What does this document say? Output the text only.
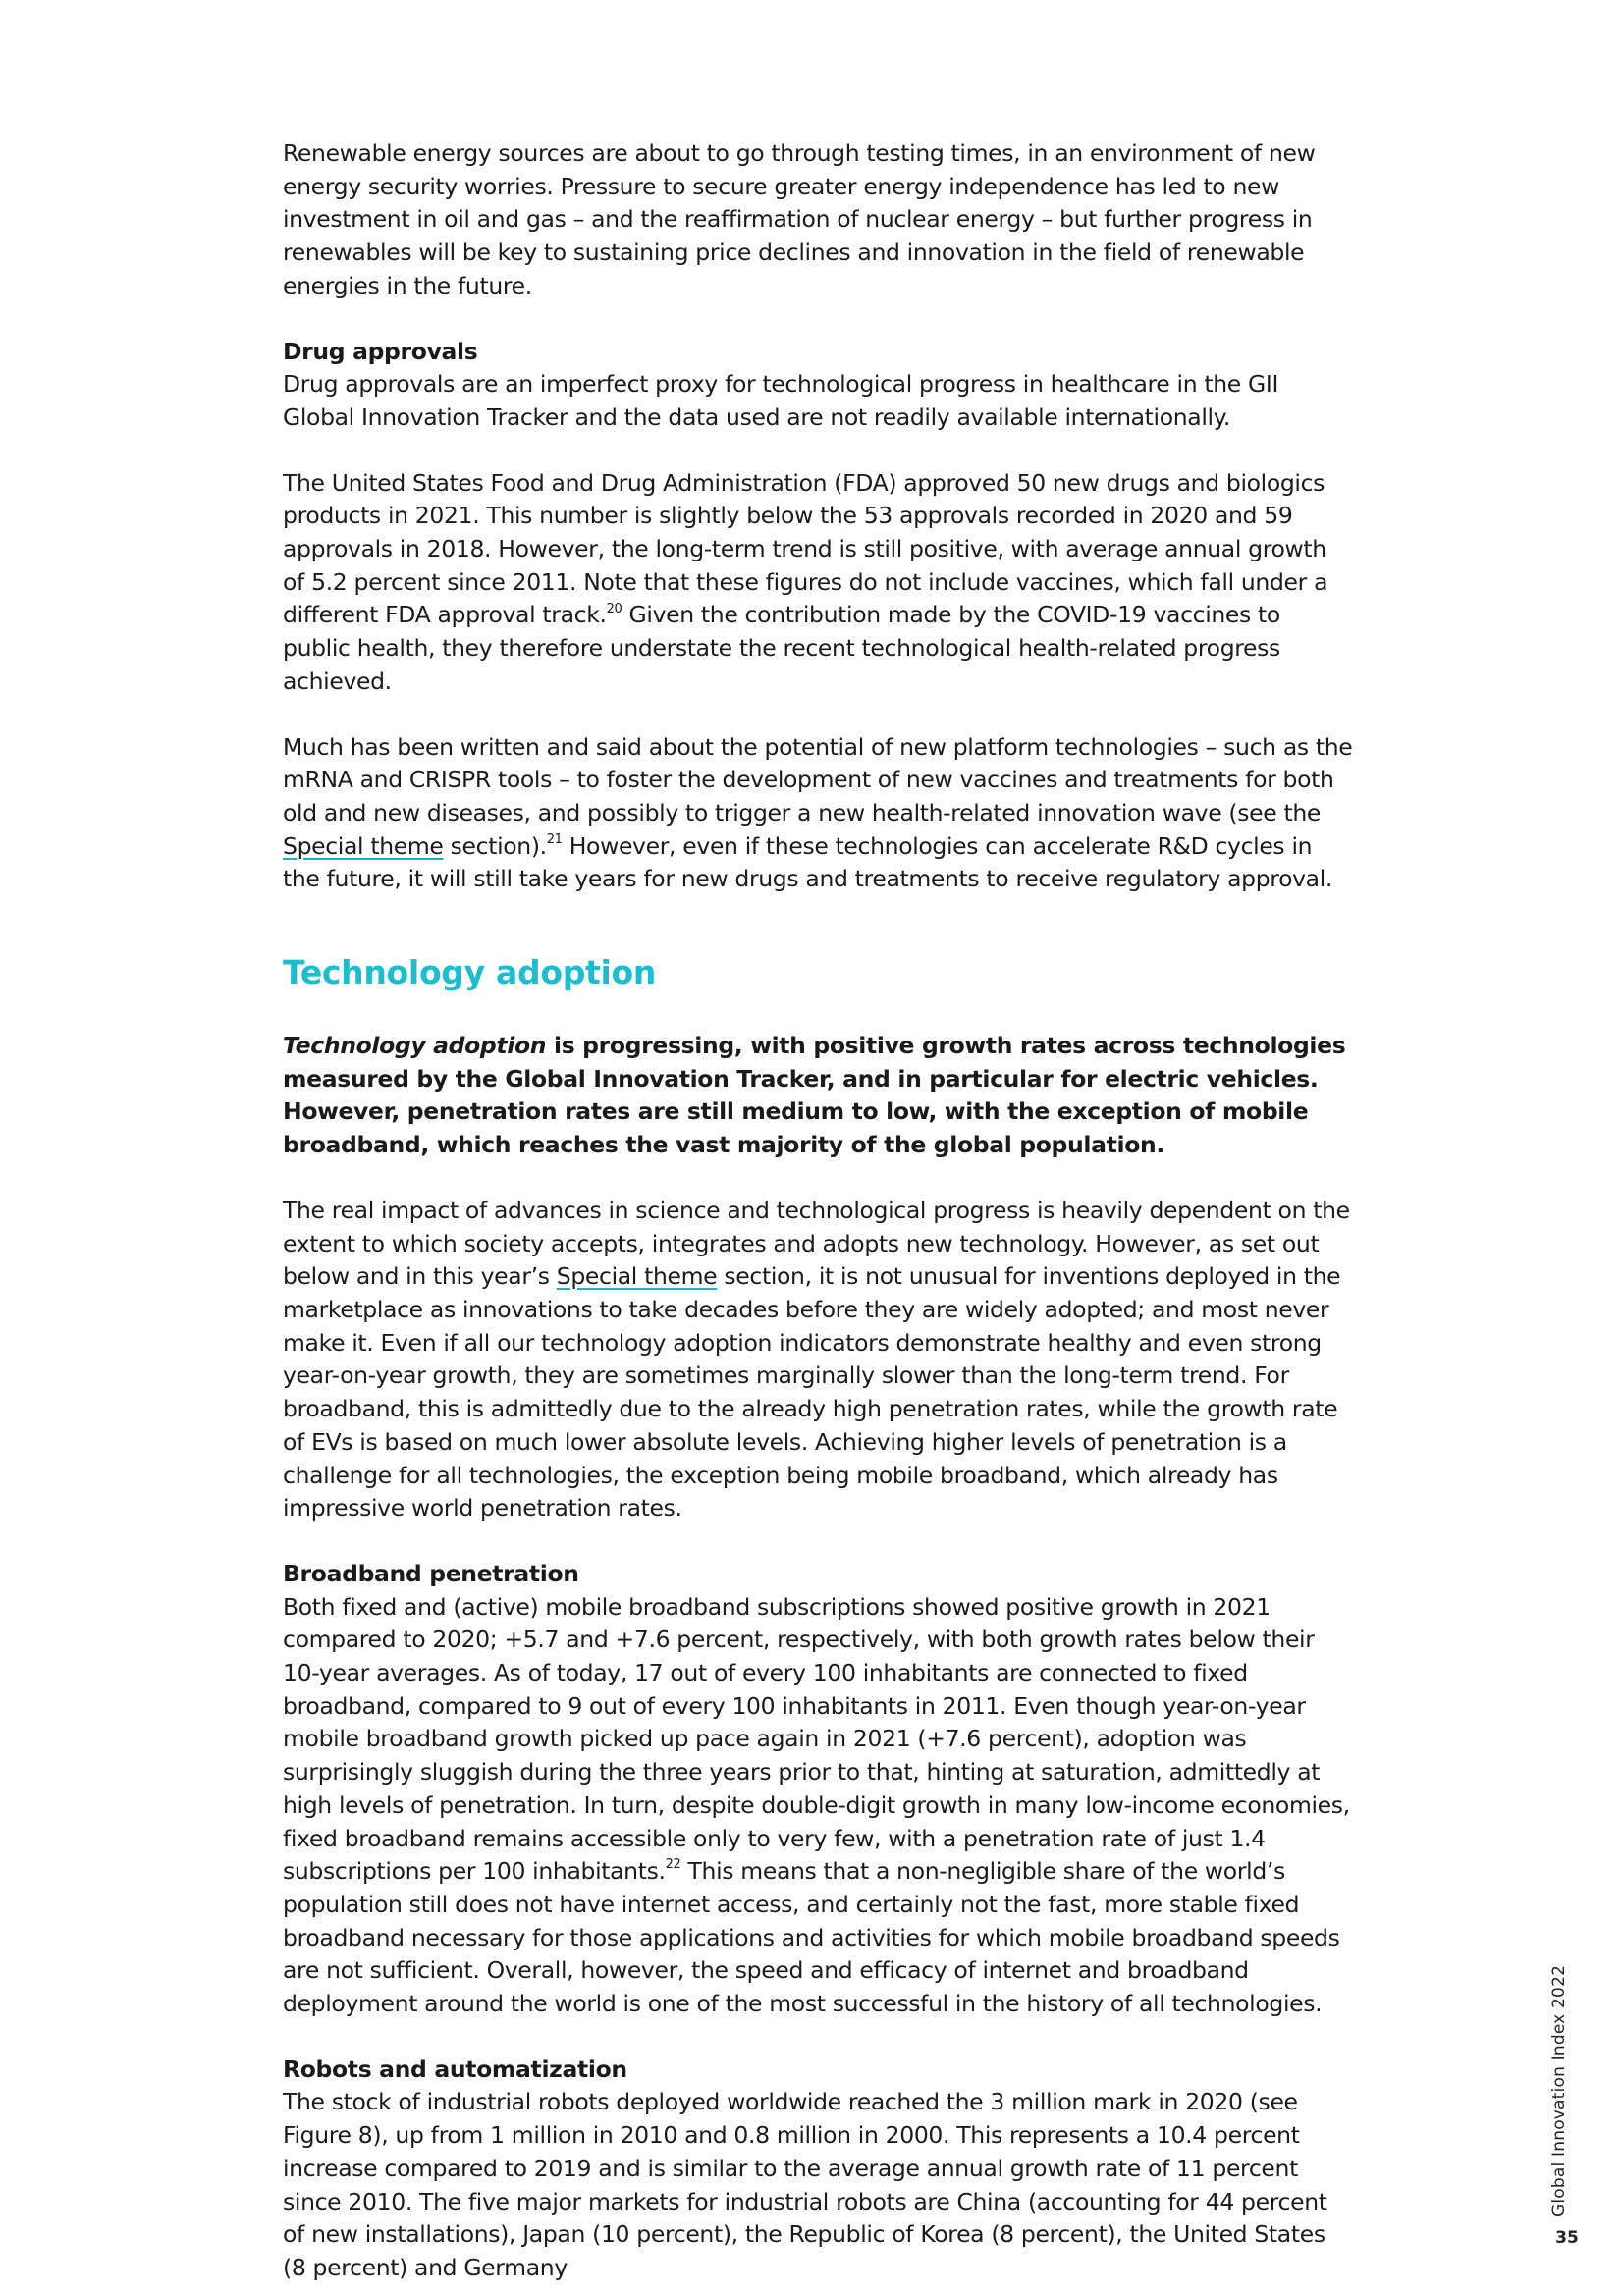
Renewable energy sources are about to go through testing times, in an environment of new energy security worries. Pressure to secure greater energy independence has led to new investment in oil and gas – and the reaffirmation of nuclear energy – but further progress in renewables will be key to sustaining price declines and innovation in the field of renewable energies in the future.

Drug approvals

Drug approvals are an imperfect proxy for technological progress in healthcare in the GII Global Innovation Tracker and the data used are not readily available internationally.

The United States Food and Drug Administration (FDA) approved 50 new drugs and biologics products in 2021. This number is slightly below the 53 approvals recorded in 2020 and 59 approvals in 2018. However, the long-term trend is still positive, with average annual growth of 5.2 percent since 2011. Note that these figures do not include vaccines, which fall under a different FDA approval track.$^{20}$ Given the contribution made by the COVID-19 vaccines to public health, they therefore understate the recent technological health-related progress achieved.

Much has been written and said about the potential of new platform technologies – such as the mRNA and CRISPR tools – to foster the development of new vaccines and treatments for both old and new diseases, and possibly to trigger a new health-related innovation wave (see the Special theme section).$^{21}$ However, even if these technologies can accelerate R&D cycles in the future, it will still take years for new drugs and treatments to receive regulatory approval.

Technology adoption

Technology adoption is progressing, with positive growth rates across technologies measured by the Global Innovation Tracker, and in particular for electric vehicles. However, penetration rates are still medium to low, with the exception of mobile broadband, which reaches the vast majority of the global population.

The real impact of advances in science and technological progress is heavily dependent on the extent to which society accepts, integrates and adopts new technology. However, as set out below and in this year’s Special theme section, it is not unusual for inventions deployed in the marketplace as innovations to take decades before they are widely adopted; and most never make it. Even if all our technology adoption indicators demonstrate healthy and even strong year-on-year growth, they are sometimes marginally slower than the long-term trend. For broadband, this is admittedly due to the already high penetration rates, while the growth rate of EVs is based on much lower absolute levels. Achieving higher levels of penetration is a challenge for all technologies, the exception being mobile broadband, which already has impressive world penetration rates.

Broadband penetration

Both fixed and (active) mobile broadband subscriptions showed positive growth in 2021 compared to 2020; +5.7 and +7.6 percent, respectively, with both growth rates below their 10-year averages. As of today, 17 out of every 100 inhabitants are connected to fixed broadband, compared to 9 out of every 100 inhabitants in 2011. Even though year-on-year mobile broadband growth picked up pace again in 2021 (+7.6 percent), adoption was surprisingly sluggish during the three years prior to that, hinting at saturation, admittedly at high levels of penetration. In turn, despite double-digit growth in many low-income economies, fixed broadband remains accessible only to very few, with a penetration rate of just 1.4 subscriptions per 100 inhabitants.$^{22}$ This means that a non-negligible share of the world’s population still does not have internet access, and certainly not the fast, more stable fixed broadband necessary for those applications and activities for which mobile broadband speeds are not sufficient. Overall, however, the speed and efficacy of internet and broadband deployment around the world is one of the most successful in the history of all technologies.

Robots and automatization

The stock of industrial robots deployed worldwide reached the 3 million mark in 2020 (see Figure 8), up from 1 million in 2010 and 0.8 million in 2000. This represents a 10.4 percent increase compared to 2019 and is similar to the average annual growth rate of 11 percent since 2010. The five major markets for industrial robots are China (accounting for 44 percent of new installations), Japan (10 percent), the Republic of Korea (8 percent), the United States (8 percent) and Germany

Global Innovation Index 2022
35
